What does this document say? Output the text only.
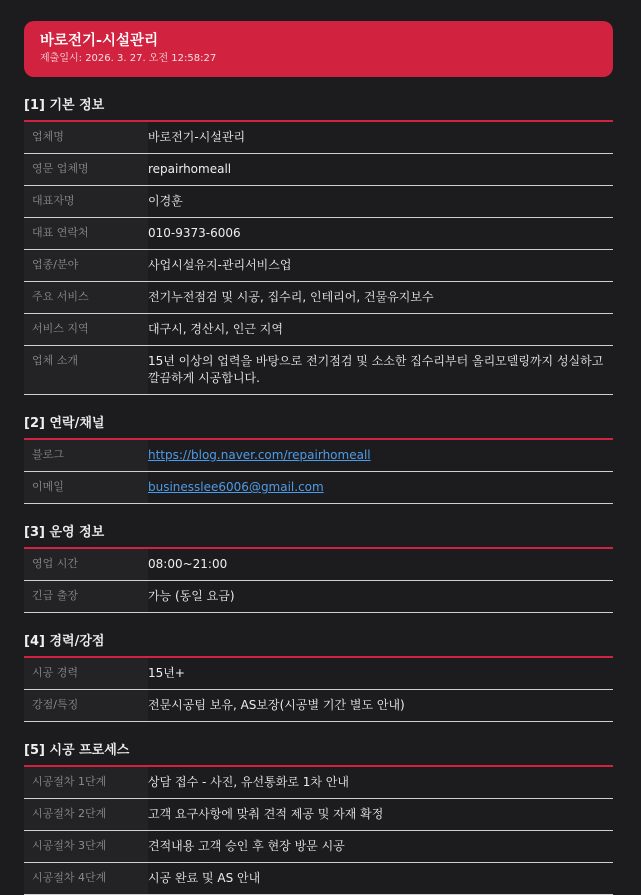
바로전기-시설관리
제출일시: 2026. 3. 27. 오전 12:58:27
[1] 기본 정보
업체명	바로전기-시설관리
영문 업체명	repairhomeall
대표자명	이경훈
대표 연락처	010-9373-6006
업종/분야	사업시설유지-관리서비스업
주요 서비스	전기누전점검 및 시공, 집수리, 인테리어, 건물유지보수
서비스 지역	대구시, 경산시, 인근 지역
업체 소개	15년 이상의 업력을 바탕으로 전기점검 및 소소한 집수리부터 올리모델링까지 성실하고 깔끔하게 시공합니다.
[2] 연락/채널
블로그	https://blog.naver.com/repairhomeall
이메일	businesslee6006@gmail.com
[3] 운영 정보
영업 시간	08:00~21:00
긴급 출장	가능 (동일 요금)
[4] 경력/강점
시공 경력	15년+
강점/특징	전문시공팀 보유, AS보장(시공별 기간 별도 안내)
[5] 시공 프로세스
시공절차 1단계	상담 접수 - 사진, 유선통화로 1차 안내
시공절차 2단계	고객 요구사항에 맞춰 견적 제공 및 자재 확정
시공절차 3단계	견적내용 고객 승인 후 현장 방문 시공
시공절차 4단계	시공 완료 및 AS 안내
